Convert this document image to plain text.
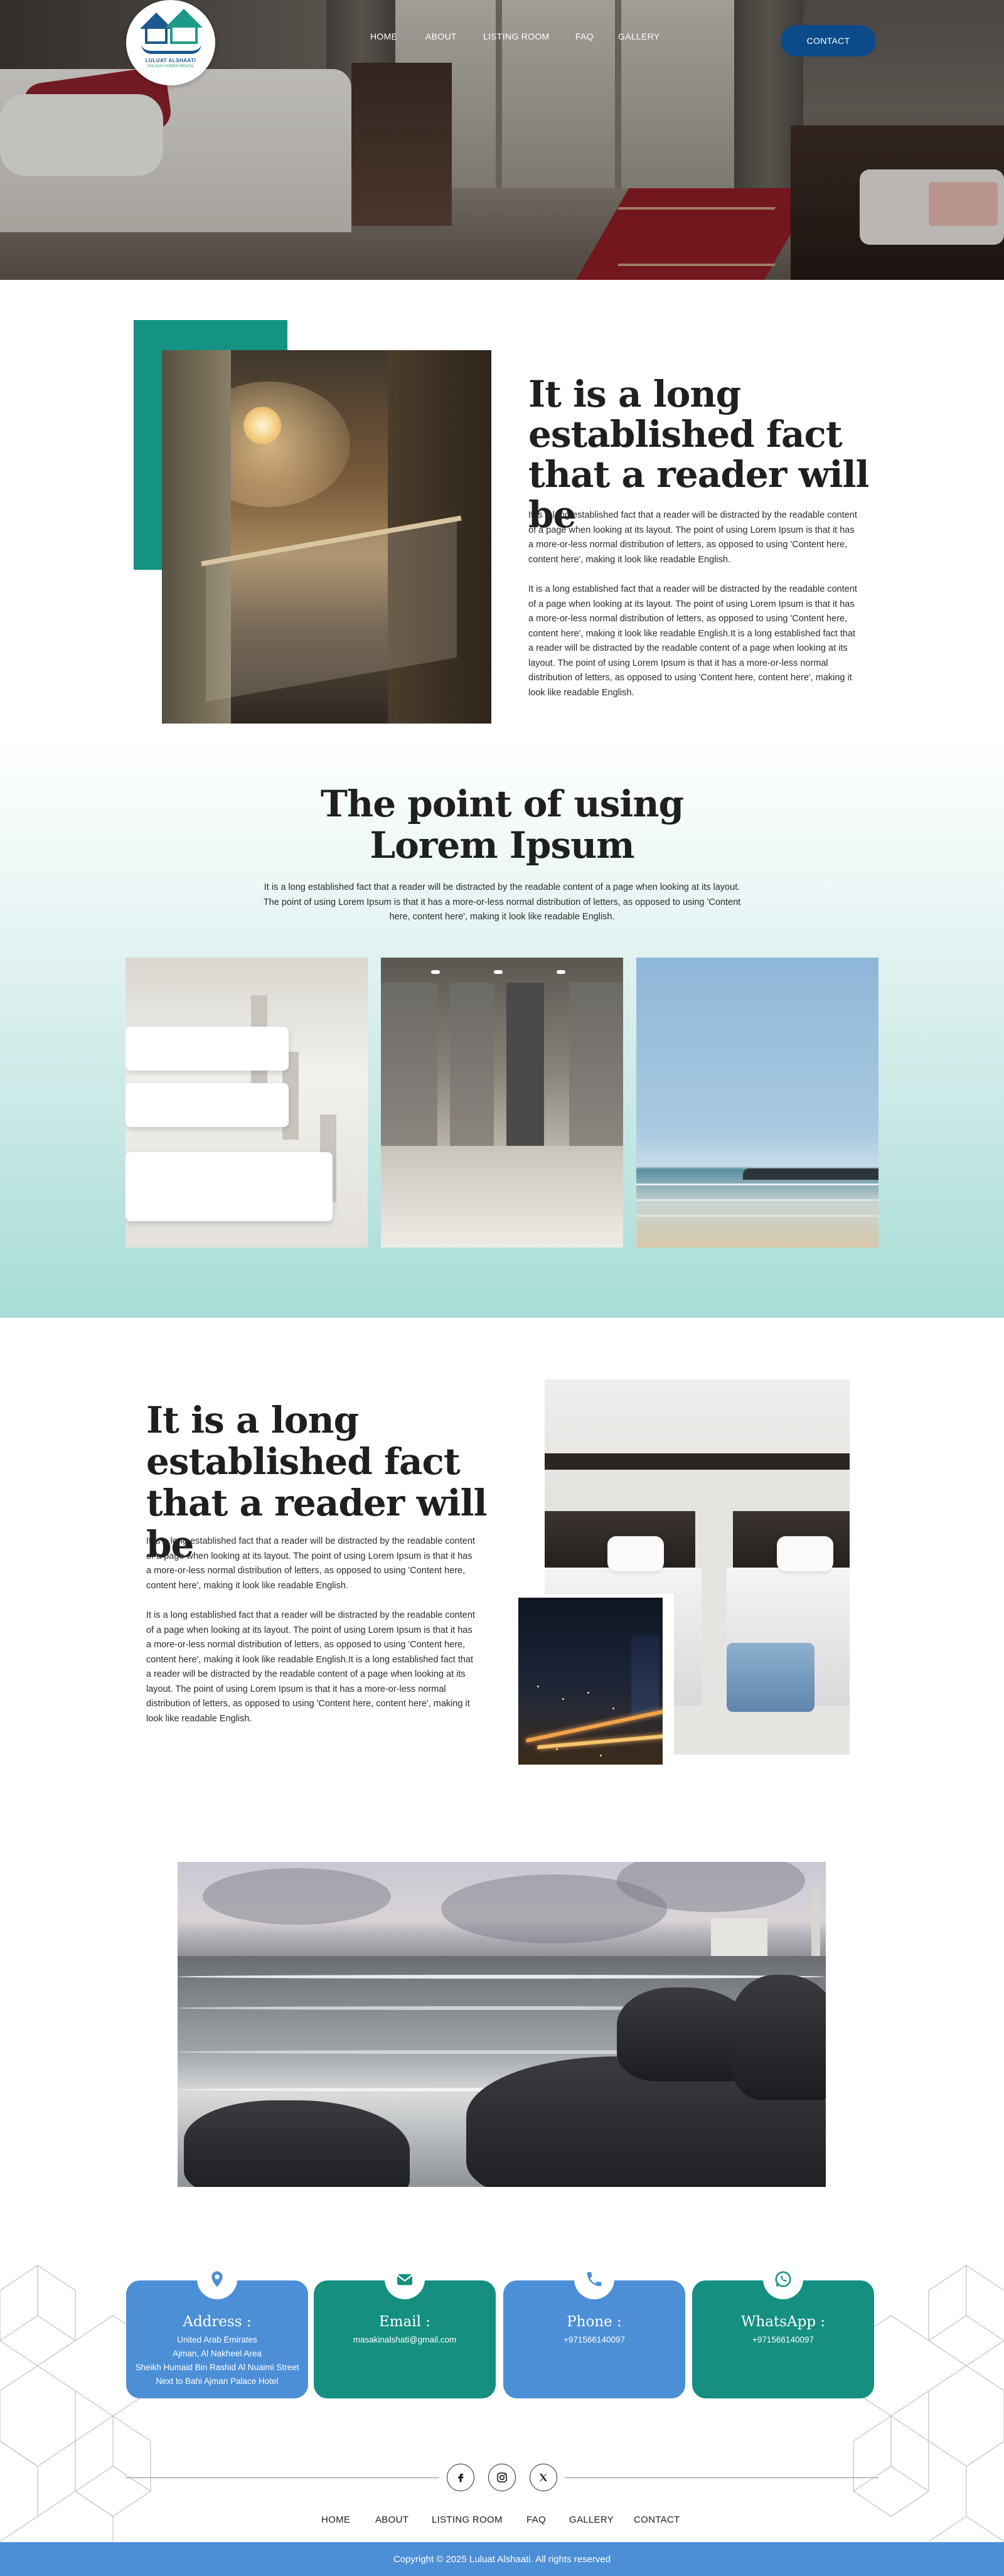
LULUAT ALSHAATI
HOLIDAY HOMES RENTAL
HOME	ABOUT	LISTING ROOM	FAQ	GALLERY	CONTACT
It is a long established fact that a reader will be

It is a long established fact that a reader will be distracted by the readable content of a page when looking at its layout. The point of using Lorem Ipsum is that it has a more-or-less normal distribution of letters, as opposed to using 'Content here, content here', making it look like readable English.

It is a long established fact that a reader will be distracted by the readable content of a page when looking at its layout. The point of using Lorem Ipsum is that it has a more-or-less normal distribution of letters, as opposed to using 'Content here, content here', making it look like readable English.It is a long established fact that a reader will be distracted by the readable content of a page when looking at its layout. The point of using Lorem Ipsum is that it has a more-or-less normal distribution of letters, as opposed to using 'Content here, content here', making it look like readable English.

The point of using Lorem Ipsum

It is a long established fact that a reader will be distracted by the readable content of a page when looking at its layout. The point of using Lorem Ipsum is that it has a more-or-less normal distribution of letters, as opposed to using 'Content here, content here', making it look like readable English.

It is a long established fact that a reader will be

It is a long established fact that a reader will be distracted by the readable content of a page when looking at its layout. The point of using Lorem Ipsum is that it has a more-or-less normal distribution of letters, as opposed to using 'Content here, content here', making it look like readable English.

It is a long established fact that a reader will be distracted by the readable content of a page when looking at its layout. The point of using Lorem Ipsum is that it has a more-or-less normal distribution of letters, as opposed to using 'Content here, content here', making it look like readable English.It is a long established fact that a reader will be distracted by the readable content of a page when looking at its layout. The point of using Lorem Ipsum is that it has a more-or-less normal distribution of letters, as opposed to using 'Content here, content here', making it look like readable English.

Address :
United Arab Emirates
Ajman, Al Nakheel Area
Sheikh Humaid Bin Rashid Al Nuaimi Street
Next to Bahi Ajman Palace Hotel
Email :
masakinalshati@gmail.com
Phone :
+971566140097
WhatsApp :
+971566140097
HOME	ABOUT LISTING ROOM	FAQ GALLERY CONTACT
Copyright © 2025 Luluat Alshaati. All rights reserved
